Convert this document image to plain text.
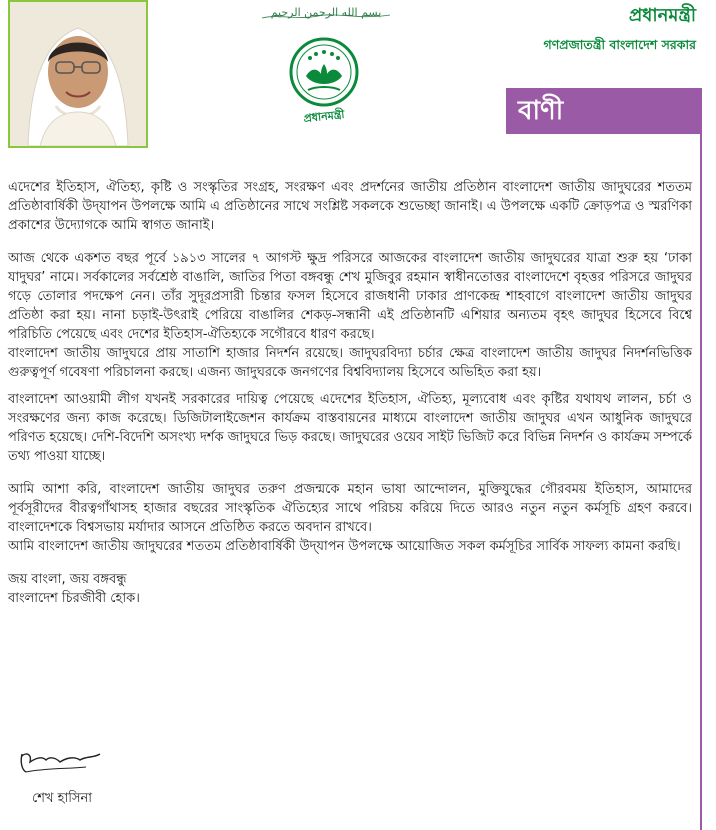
بسم الله الرحمن الرحيم
প্রধানমন্ত্রী
প্রধানমন্ত্রী
গণপ্রজাতন্ত্রী বাংলাদেশ সরকার
বাণী

এদেশের ইতিহাস, ঐতিহ্য, কৃষ্টি ও সংস্কৃতির সংগ্রহ, সংরক্ষণ এবং প্রদর্শনের জাতীয় প্রতিষ্ঠান বাংলাদেশ জাতীয় জাদুঘরের শততম প্রতিষ্ঠাবার্ষিকী উদ্‌যাপন উপলক্ষে আমি এ প্রতিষ্ঠানের সাথে সংশ্লিষ্ট সকলকে শুভেচ্ছা জানাই। এ উপলক্ষে একটি ক্রোড়পত্র ও স্মরণিকা প্রকাশের উদ্যোগকে আমি স্বাগত জানাই।

আজ থেকে একশত বছর পূর্বে ১৯১৩ সালের ৭ আগস্ট ক্ষুদ্র পরিসরে আজকের বাংলাদেশ জাতীয় জাদুঘরের যাত্রা শুরু হয় ‘ঢাকা যাদুঘর’ নামে। সর্বকালের সর্বশ্রেষ্ঠ বাঙালি, জাতির পিতা বঙ্গবন্ধু শেখ মুজিবুর রহমান স্বাধীনতোত্তর বাংলাদেশে বৃহত্তর পরিসরে জাদুঘর গড়ে তোলার পদক্ষেপ নেন। তাঁর সুদূরপ্রসারী চিন্তার ফসল হিসেবে রাজধানী ঢাকার প্রাণকেন্দ্র শাহবাগে বাংলাদেশ জাতীয় জাদুঘর প্রতিষ্ঠা করা হয়। নানা চড়াই-উৎরাই পেরিয়ে বাঙালির শেকড়-সন্ধানী এই প্রতিষ্ঠানটি এশিয়ার অন্যতম বৃহৎ জাদুঘর হিসেবে বিশ্বে পরিচিতি পেয়েছে এবং দেশের ইতিহাস-ঐতিহ্যকে সগৌরবে ধারণ করছে।

বাংলাদেশ জাতীয় জাদুঘরে প্রায় সাতাশি হাজার নিদর্শন রয়েছে। জাদুঘরবিদ্যা চর্চার ক্ষেত্র বাংলাদেশ জাতীয় জাদুঘর নিদর্শনভিত্তিক গুরুত্বপূর্ণ গবেষণা পরিচালনা করছে। এজন্য জাদুঘরকে জনগণের বিশ্ববিদ্যালয় হিসেবে অভিহিত করা হয়।

বাংলাদেশ আওয়ামী লীগ যখনই সরকারের দায়িত্ব পেয়েছে এদেশের ইতিহাস, ঐতিহ্য, মূল্যবোধ এবং কৃষ্টির যথাযথ লালন, চর্চা ও সংরক্ষণের জন্য কাজ করেছে। ডিজিটালাইজেশন কার্যক্রম বাস্তবায়নের মাধ্যমে বাংলাদেশ জাতীয় জাদুঘর এখন আধুনিক জাদুঘরে পরিণত হয়েছে। দেশি-বিদেশি অসংখ্য দর্শক জাদুঘরে ভিড় করছে। জাদুঘরের ওয়েব সাইট ভিজিট করে বিভিন্ন নিদর্শন ও কার্যক্রম সম্পর্কে তথ্য পাওয়া যাচ্ছে।

আমি আশা করি, বাংলাদেশ জাতীয় জাদুঘর তরুণ প্রজন্মকে মহান ভাষা আন্দোলন, মুক্তিযুদ্ধের গৌরবময় ইতিহাস, আমাদের পূর্বসূরীদের বীরত্বগাঁথাসহ হাজার বছরের সাংস্কৃতিক ঐতিহ্যের সাথে পরিচয় করিয়ে দিতে আরও নতুন নতুন কর্মসূচি গ্রহণ করবে। বাংলাদেশকে বিশ্বসভায় মর্যাদার আসনে প্রতিষ্ঠিত করতে অবদান রাখবে।

আমি বাংলাদেশ জাতীয় জাদুঘরের শততম প্রতিষ্ঠাবার্ষিকী উদ্‌যাপন উপলক্ষে আয়োজিত সকল কর্মসূচির সার্বিক সাফল্য কামনা করছি।

জয় বাংলা, জয় বঙ্গবন্ধু

বাংলাদেশ চিরজীবী হোক।

শেখ হাসিনা
